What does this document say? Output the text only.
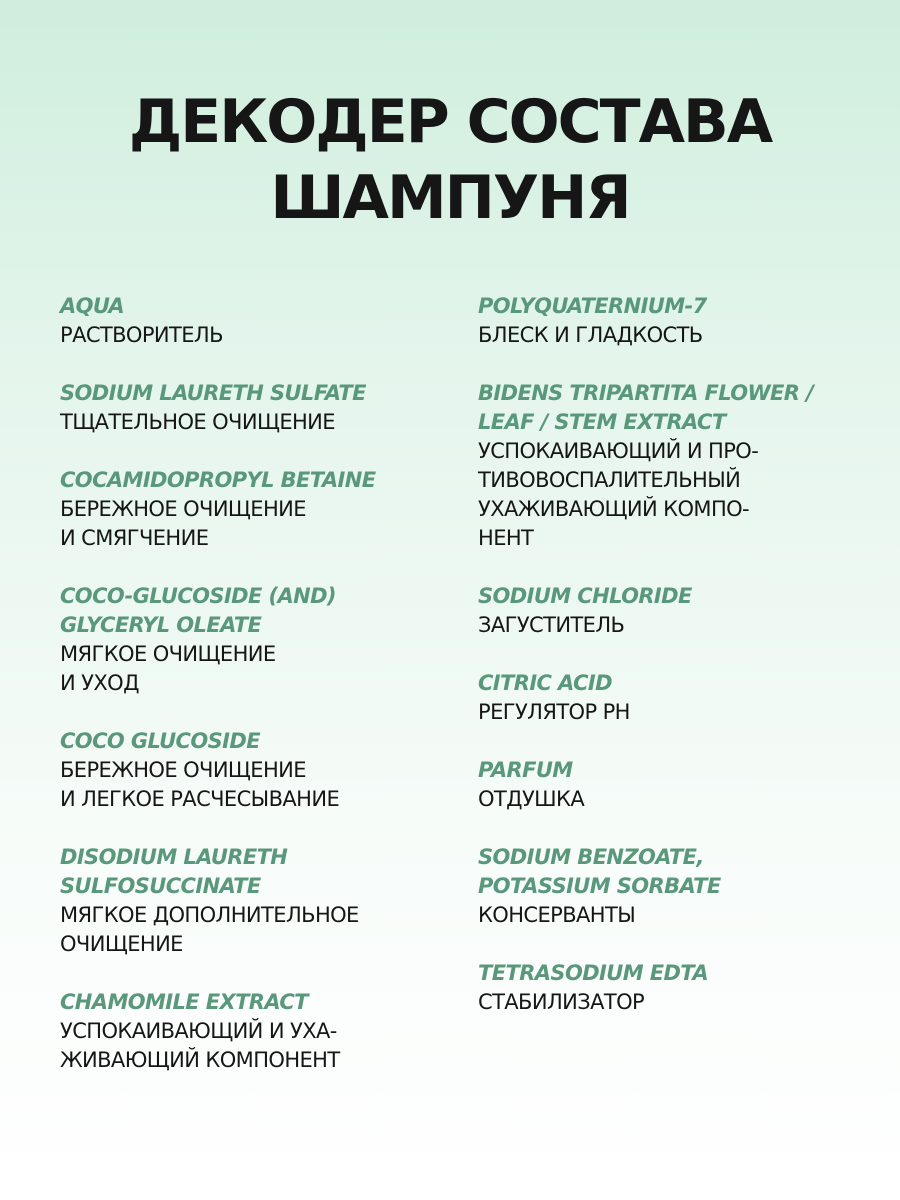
ДЕКОДЕР СОСТАВА
ШАМПУНЯ
AQUA
РАСТВОРИТЕЛЬ
SODIUM LAURETH SULFATE
ТЩАТЕЛЬНОЕ ОЧИЩЕНИЕ
COCAMIDOPROPYL BETAINE
БЕРЕЖНОЕ ОЧИЩЕНИЕ
И СМЯГЧЕНИЕ
COCO-GLUCOSIDE (AND)
GLYCERYL OLEATE
МЯГКОЕ ОЧИЩЕНИЕ
И УХОД
COCO GLUCOSIDE
БЕРЕЖНОЕ ОЧИЩЕНИЕ
И ЛЕГКОЕ РАСЧЕСЫВАНИЕ
DISODIUM LAURETH
SULFOSUCCINATE
МЯГКОЕ ДОПОЛНИТЕЛЬНОЕ
ОЧИЩЕНИЕ
CHAMOMILE EXTRACT
УСПОКАИВАЮЩИЙ И УХА-
ЖИВАЮЩИЙ КОМПОНЕНТ
POLYQUATERNIUM-7
БЛЕСК И ГЛАДКОСТЬ
BIDENS TRIPARTITA FLOWER /
LEAF / STEM EXTRACT
УСПОКАИВАЮЩИЙ И ПРО-
ТИВОВОСПАЛИТЕЛЬНЫЙ
УХАЖИВАЮЩИЙ КОМПО-
НЕНТ
SODIUM CHLORIDE
ЗАГУСТИТЕЛЬ
CITRIC ACID
РЕГУЛЯТОР PH
PARFUM
ОТДУШКА
SODIUM BENZOATE,
POTASSIUM SORBATE
КОНСЕРВАНТЫ
TETRASODIUM EDTA
СТАБИЛИЗАТОР
